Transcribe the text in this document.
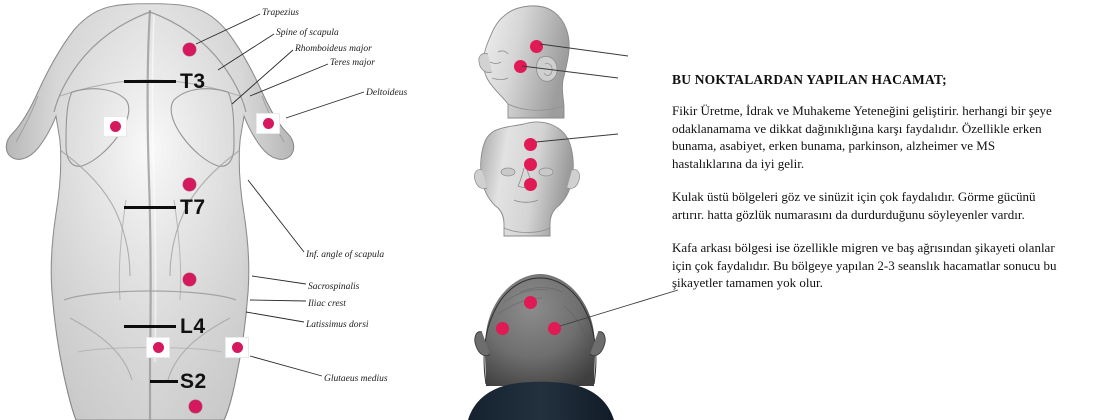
T3
T7
L4
S2
Trapezius
Spine of scapula
Rhomboideus major
Teres major
Deltoideus
Inf. angle of scapula
Sacrospinalis
Iliac crest
Latissimus dorsi
Glutaeus medius
BU NOKTALARDAN YAPILAN HACAMAT;

Fikir Üretme, İdrak ve Muhakeme Yeteneğini geliştirir. herhangi bir şeye odaklanamama ve dikkat dağınıklığına karşı faydalıdır. Özellikle erken bunama, asabiyet, erken bunama, parkinson, alzheimer ve MS hastalıklarına da iyi gelir.

Kulak üstü bölgeleri göz ve sinüzit için çok faydalıdır. Görme gücünü artırır. hatta gözlük numarasını da durdurduğunu söyleyenler vardır.

Kafa arkası bölgesi ise özellikle migren ve baş ağrısından şikayeti olanlar için çok faydalıdır. Bu bölgeye yapılan 2-3 seanslık hacamatlar sonucu bu şikayetler tamamen yok olur.
